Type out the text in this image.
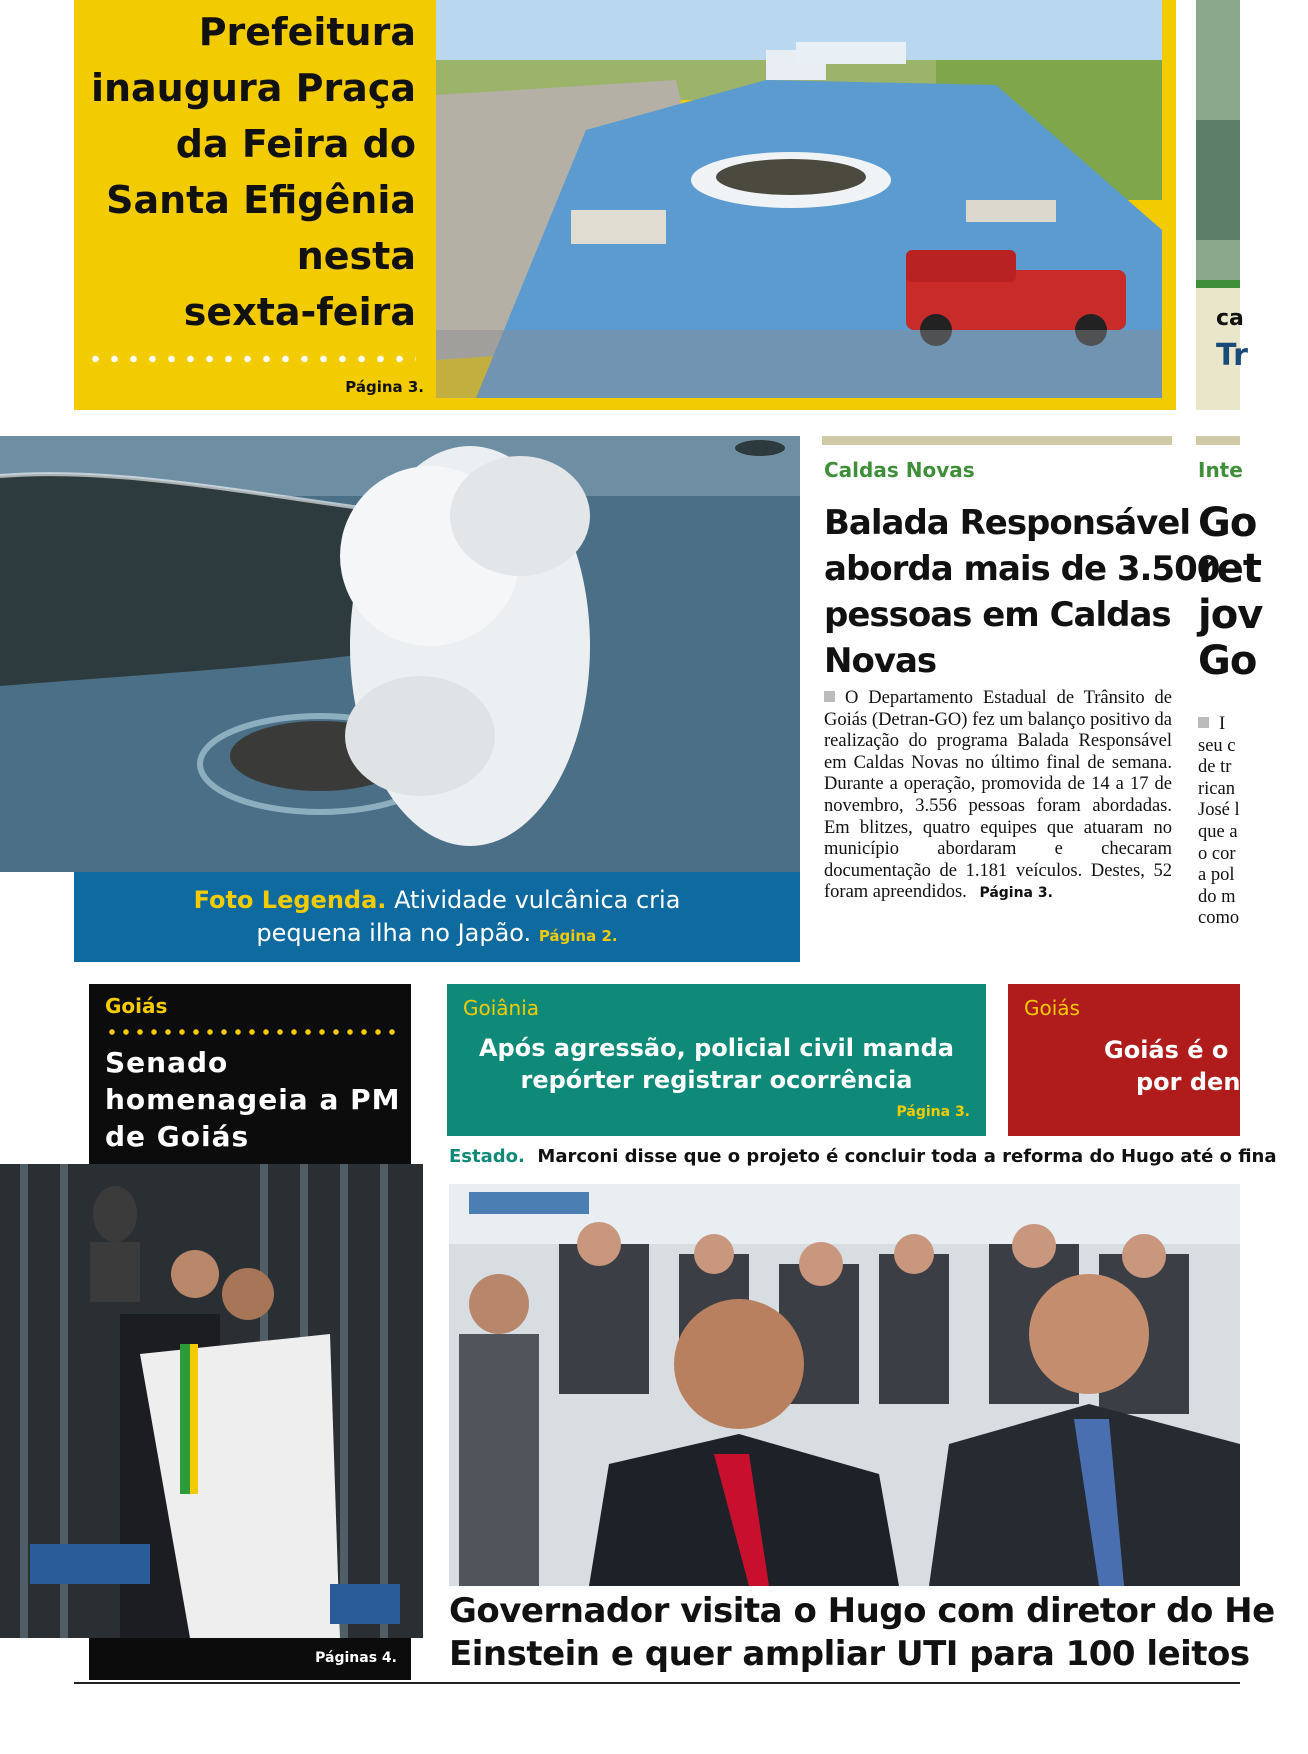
Prefeitura
inaugura Praça
da Feira do
Santa Efigênia
nesta
sexta-feira
Página 3.
ca
Tr
Inte
Go
ret
jov
Go
I
seu c
de tr
rican
José l
que a
o cor
a pol
do m
como
Foto Legenda. Atividade vulcânica cria
pequena ilha no Japão. Página 2.
Caldas Novas
Balada Responsável
aborda mais de 3.500
pessoas em Caldas
Novas
O Departamento Estadual de Trânsito de Goiás (Detran-GO) fez um balanço positivo da realização do programa Balada Responsável em Caldas Novas no último final de semana. Durante a operação, promovida de 14 a 17 de novembro, 3.556 pessoas foram abordadas. Em blitzes, quatro equipes que atuaram no município abordaram e checaram documentação de 1.181 veículos. Destes, 52 foram apreendidos. Página 3.
Goiás
Senado
homenageia a PM
de Goiás
Páginas 4.
Goiânia
Após agressão, policial civil manda
repórter registrar ocorrência
Página 3.
Goiás
Goiás é o
por den
Estado. Marconi disse que o projeto é concluir toda a reforma do Hugo até o fina
Governador visita o Hugo com diretor do He
Einstein e quer ampliar UTI para 100 leitos
